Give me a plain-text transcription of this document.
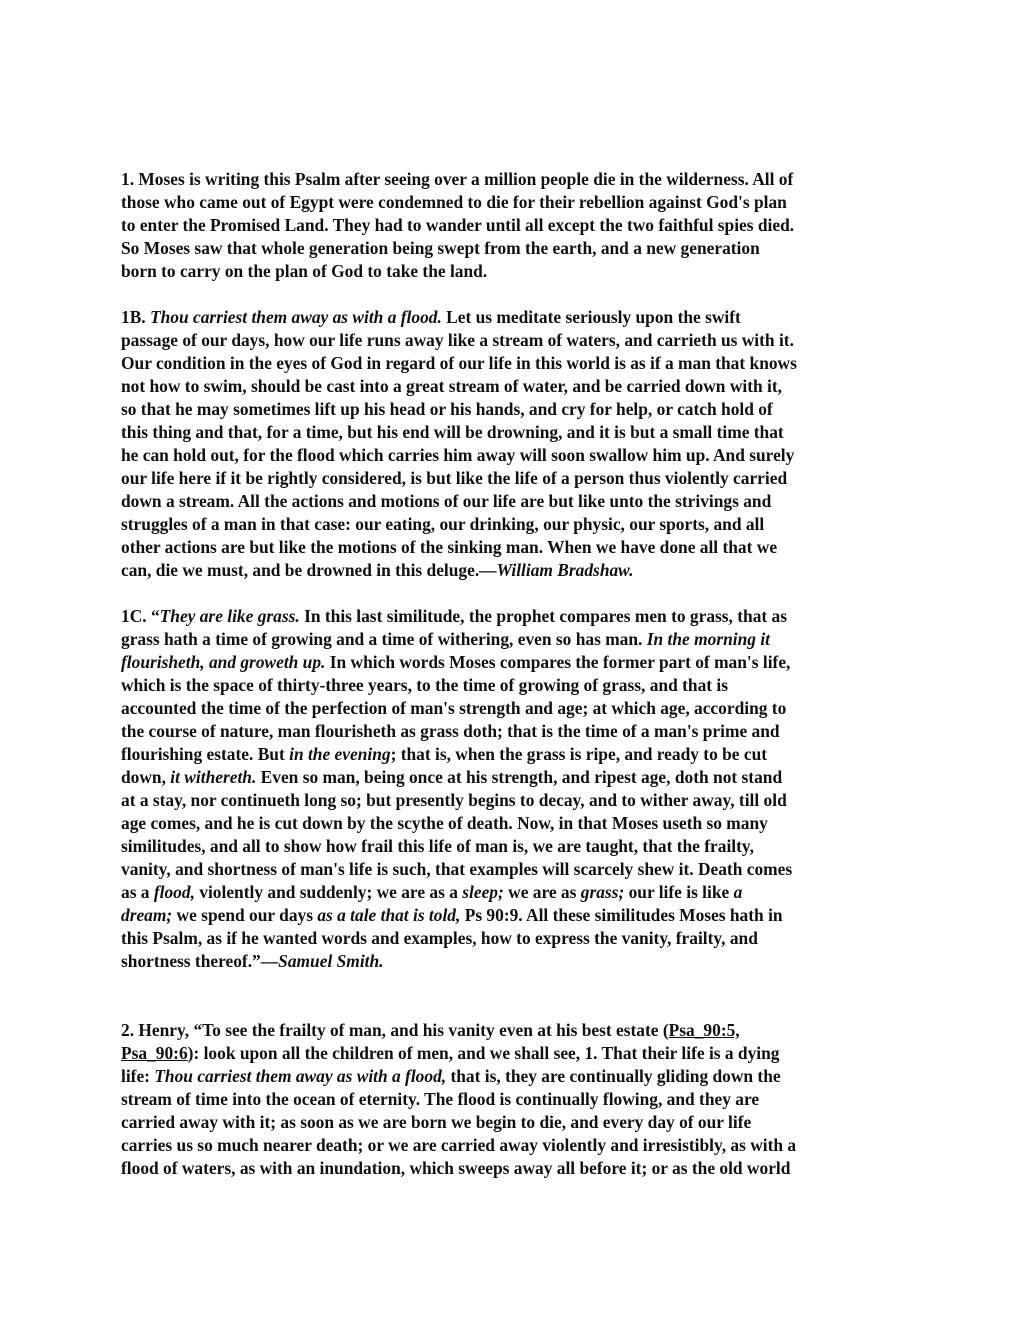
1. Moses is writing this Psalm after seeing over a million people die in the wilderness. All of
those who came out of Egypt were condemned to die for their rebellion against God's plan
to enter the Promised Land. They had to wander until all except the two faithful spies died.
So Moses saw that whole generation being swept from the earth, and a new generation
born to carry on the plan of God to take the land.
1B. Thou carriest them away as with a flood. Let us meditate seriously upon the swift
passage of our days, how our life runs away like a stream of waters, and carrieth us with it.
Our condition in the eyes of God in regard of our life in this world is as if a man that knows
not how to swim, should be cast into a great stream of water, and be carried down with it,
so that he may sometimes lift up his head or his hands, and cry for help, or catch hold of
this thing and that, for a time, but his end will be drowning, and it is but a small time that
he can hold out, for the flood which carries him away will soon swallow him up. And surely
our life here if it be rightly considered, is but like the life of a person thus violently carried
down a stream. All the actions and motions of our life are but like unto the strivings and
struggles of a man in that case: our eating, our drinking, our physic, our sports, and all
other actions are but like the motions of the sinking man. When we have done all that we
can, die we must, and be drowned in this deluge.—William Bradshaw.
1C. “They are like grass. In this last similitude, the prophet compares men to grass, that as
grass hath a time of growing and a time of withering, even so has man. In the morning it
flourisheth, and groweth up. In which words Moses compares the former part of man's life,
which is the space of thirty-three years, to the time of growing of grass, and that is
accounted the time of the perfection of man's strength and age; at which age, according to
the course of nature, man flourisheth as grass doth; that is the time of a man's prime and
flourishing estate. But in the evening; that is, when the grass is ripe, and ready to be cut
down, it withereth. Even so man, being once at his strength, and ripest age, doth not stand
at a stay, nor continueth long so; but presently begins to decay, and to wither away, till old
age comes, and he is cut down by the scythe of death. Now, in that Moses useth so many
similitudes, and all to show how frail this life of man is, we are taught, that the frailty,
vanity, and shortness of man's life is such, that examples will scarcely shew it. Death comes
as a flood, violently and suddenly; we are as a sleep; we are as grass; our life is like a
dream; we spend our days as a tale that is told, Ps 90:9. All these similitudes Moses hath in
this Psalm, as if he wanted words and examples, how to express the vanity, frailty, and
shortness thereof.”—Samuel Smith.
2. Henry, “To see the frailty of man, and his vanity even at his best estate (Psa_90:5,
Psa_90:6): look upon all the children of men, and we shall see, 1. That their life is a dying
life: Thou carriest them away as with a flood, that is, they are continually gliding down the
stream of time into the ocean of eternity. The flood is continually flowing, and they are
carried away with it; as soon as we are born we begin to die, and every day of our life
carries us so much nearer death; or we are carried away violently and irresistibly, as with a
flood of waters, as with an inundation, which sweeps away all before it; or as the old world
